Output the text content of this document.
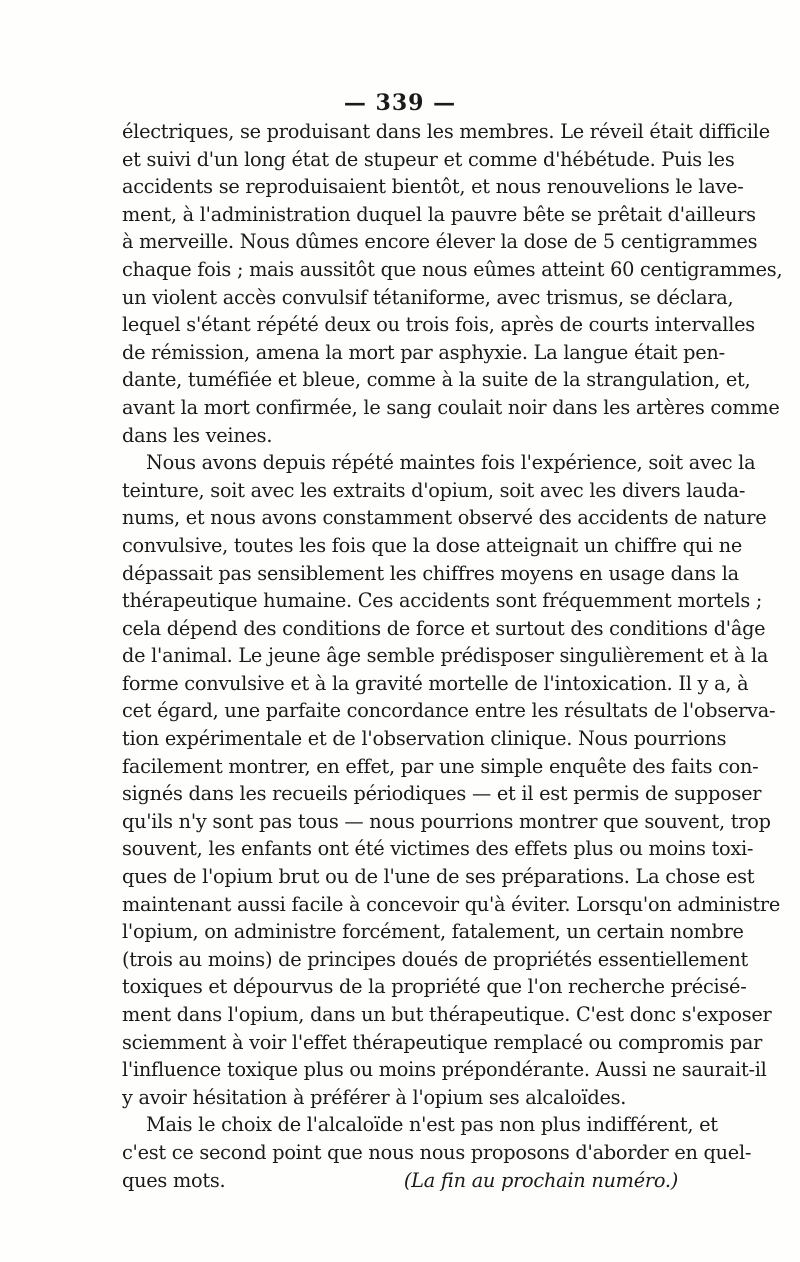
— 339 —
électriques, se produisant dans les membres. Le réveil était difficile
et suivi d'un long état de stupeur et comme d'hébétude. Puis les
accidents se reproduisaient bientôt, et nous renouvelions le lave-
ment, à l'administration duquel la pauvre bête se prêtait d'ailleurs
à merveille. Nous dûmes encore élever la dose de 5 centigrammes
chaque fois ; mais aussitôt que nous eûmes atteint 60 centigrammes,
un violent accès convulsif tétaniforme, avec trismus, se déclara,
lequel s'étant répété deux ou trois fois, après de courts intervalles
de rémission, amena la mort par asphyxie. La langue était pen-
dante, tuméfiée et bleue, comme à la suite de la strangulation, et,
avant la mort confirmée, le sang coulait noir dans les artères comme
dans les veines.
Nous avons depuis répété maintes fois l'expérience, soit avec la
teinture, soit avec les extraits d'opium, soit avec les divers lauda-
nums, et nous avons constamment observé des accidents de nature
convulsive, toutes les fois que la dose atteignait un chiffre qui ne
dépassait pas sensiblement les chiffres moyens en usage dans la
thérapeutique humaine. Ces accidents sont fréquemment mortels ;
cela dépend des conditions de force et surtout des conditions d'âge
de l'animal. Le jeune âge semble prédisposer singulièrement et à la
forme convulsive et à la gravité mortelle de l'intoxication. Il y a, à
cet égard, une parfaite concordance entre les résultats de l'observa-
tion expérimentale et de l'observation clinique. Nous pourrions
facilement montrer, en effet, par une simple enquête des faits con-
signés dans les recueils périodiques — et il est permis de supposer
qu'ils n'y sont pas tous — nous pourrions montrer que souvent, trop
souvent, les enfants ont été victimes des effets plus ou moins toxi-
ques de l'opium brut ou de l'une de ses préparations. La chose est
maintenant aussi facile à concevoir qu'à éviter. Lorsqu'on administre
l'opium, on administre forcément, fatalement, un certain nombre
(trois au moins) de principes doués de propriétés essentiellement
toxiques et dépourvus de la propriété que l'on recherche précisé-
ment dans l'opium, dans un but thérapeutique. C'est donc s'exposer
sciemment à voir l'effet thérapeutique remplacé ou compromis par
l'influence toxique plus ou moins prépondérante. Aussi ne saurait-il
y avoir hésitation à préférer à l'opium ses alcaloïdes.
Mais le choix de l'alcaloïde n'est pas non plus indifférent, et
c'est ce second point que nous nous proposons d'aborder en quel-
ques mots.	(La fin au prochain numéro.)
